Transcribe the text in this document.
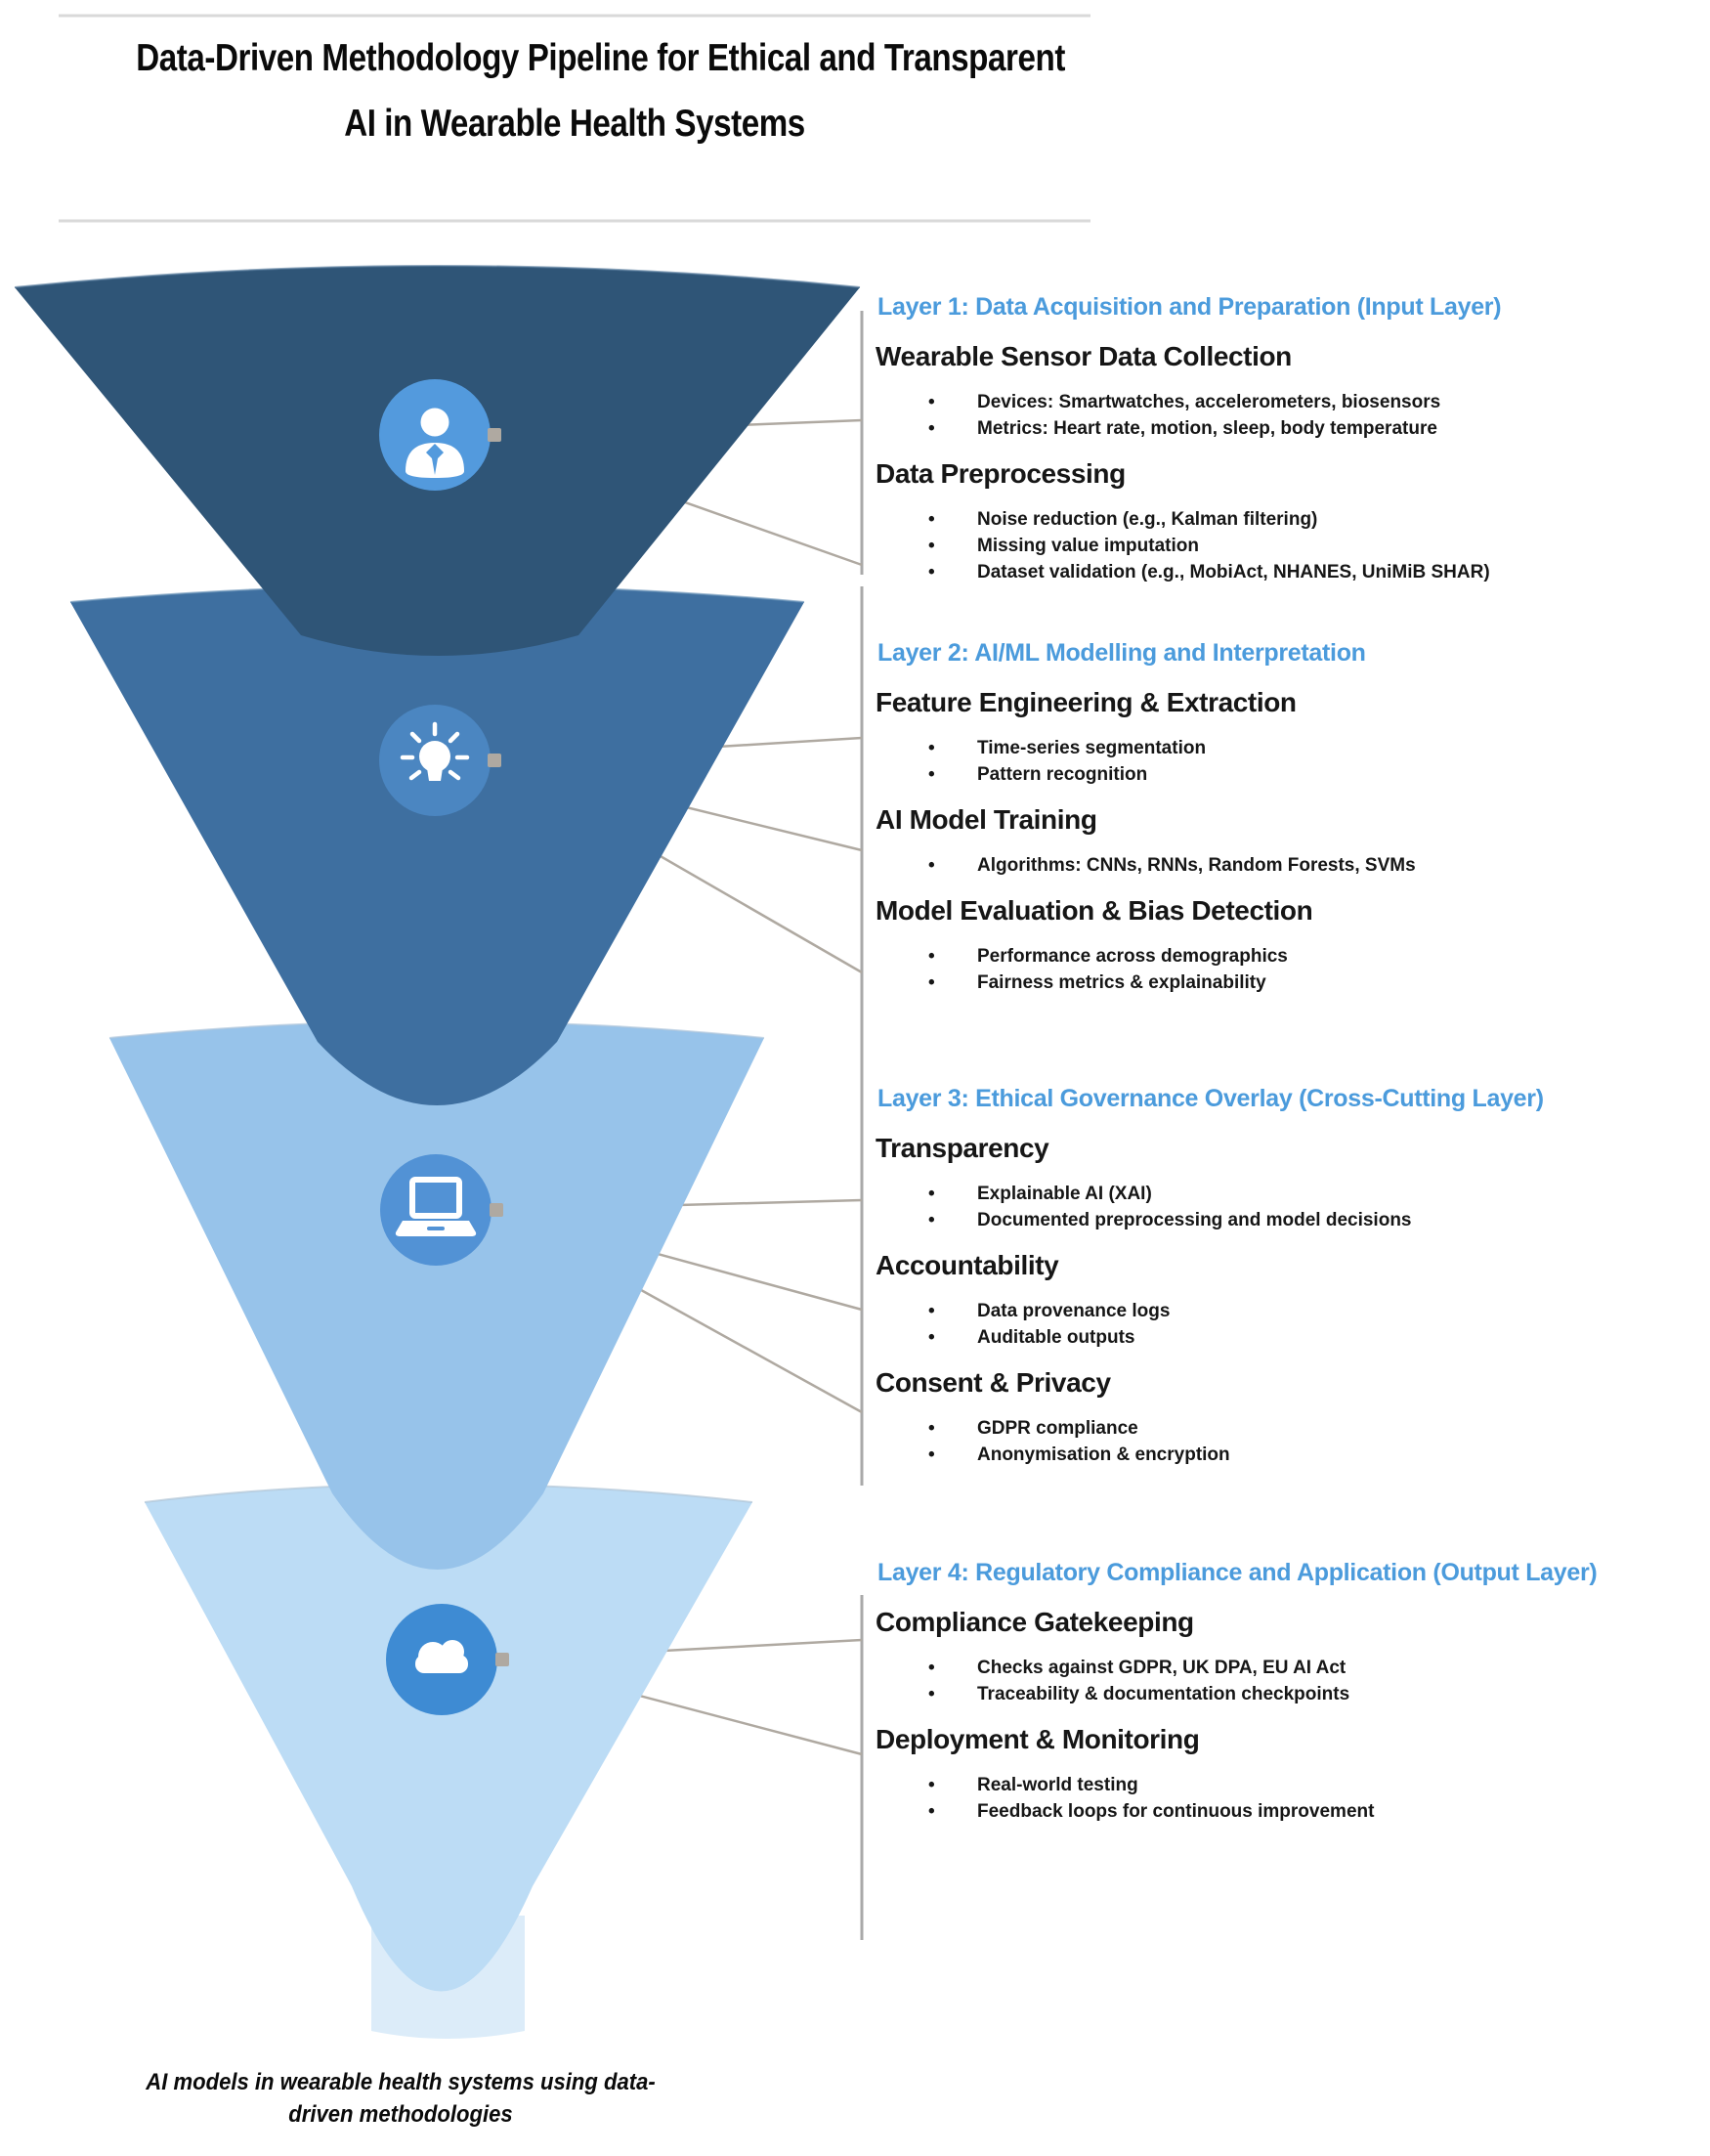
Data-Driven Methodology Pipeline for Ethical and Transparent
AI in Wearable Health Systems
Layer 1: Data Acquisition and Preparation (Input Layer)
Wearable Sensor Data Collection
• Devices: Smartwatches, accelerometers, biosensors
• Metrics: Heart rate, motion, sleep, body temperature
Data Preprocessing
• Noise reduction (e.g., Kalman filtering)
• Missing value imputation
• Dataset validation (e.g., MobiAct, NHANES, UniMiB SHAR)
Layer 2: AI/ML Modelling and Interpretation
Feature Engineering & Extraction
• Time-series segmentation
• Pattern recognition
AI Model Training
• Algorithms: CNNs, RNNs, Random Forests, SVMs
Model Evaluation & Bias Detection
• Performance across demographics
• Fairness metrics & explainability
Layer 3: Ethical Governance Overlay (Cross-Cutting Layer)
Transparency
• Explainable AI (XAI)
• Documented preprocessing and model decisions
Accountability
• Data provenance logs
• Auditable outputs
Consent & Privacy
• GDPR compliance
• Anonymisation & encryption
Layer 4: Regulatory Compliance and Application (Output Layer)
Compliance Gatekeeping
• Checks against GDPR, UK DPA, EU AI Act
• Traceability & documentation checkpoints
Deployment & Monitoring
• Real-world testing
• Feedback loops for continuous improvement
AI models in wearable health systems using data-
driven methodologies
